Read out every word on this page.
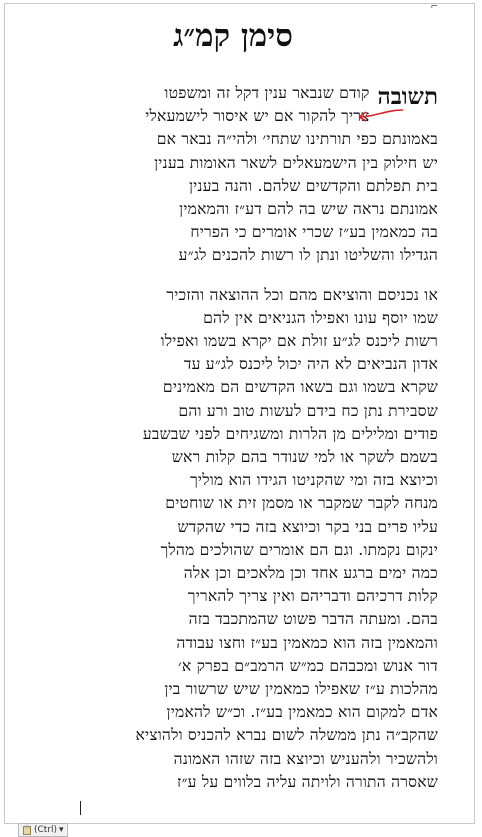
⌐
סימן קמ״ג
תשובה
קודם שנבאר ענין דקל זה ומשפטו
צריך להקור אם יש איסור לישמעאלי
באמונתם כפי תורתינו שתחי׳ ולהי״ה נבאר אם
יש חילוק בין הישמעאלים לשאר האומות בענין
בית תפלתם והקדשים שלהם. והנה בענין
אמונתם נראה שיש בה להם דע״ז והמאמין
בה כמאמין בע״ז שכרי אומרים כי הפריח
הגדילו והשליטו ונתן לו רשות להכנים לג״ע
או נכניסם והוציאם מהם וכל ההוצאה והזכיר
שמו יוסף עונו ואפילו הגניאים אין להם
רשות ליכנס לג״ע זולת אם יקרא בשמו ואפילו
אדון הנביאים לא היה יכול ליכנס לג״ע עד
שקרא בשמו וגם בשאו הקדשים הם מאמינים
שסבירת נתן כח בידם לעשות טוב ורע והם
פודים ומלילים מן הלרות ומשגיחים לפני שבשבע
בשמם לשקר או למי שנודר בהם קלות ראש
וכיוצא בזה ומי שהקניטו הגידו הוא מוליך
מנחה לקבר שמקבר או מסמן זית או שוחטים
עליו פרים בני בקר וכיוצא בזה כדי שהקדש
ינקום נקמתו. וגם הם אומרים שהולכים מהלך
כמה ימים ברגע אחד וכן מלאכים וכן אלה
קלות דרכיהם ודבריהם ואין צריך להאריך
בהם. ומעתה הדבר פשוט שהמתכבד בזה
והמאמין בזה הוא כמאמין בע״ז וחצו עבודה
דור אנוש ומכבהם כמ״ש הרמב״ם בפרק א׳
מהלכות ע״ז שאפילו כמאמין שיש שרשור בין
אדם למקום הוא כמאמין בע״ז. וכ״ש להאמין
שהקב״ה נתן ממשלה לשום נברא להכניס ולהוציא
ולהשכיר ולהעניש וכיוצא בזה שזהו האמונה
שאסרה התורה ולויתה עליה בלווים על ע״ז
(Ctrl) ▾
